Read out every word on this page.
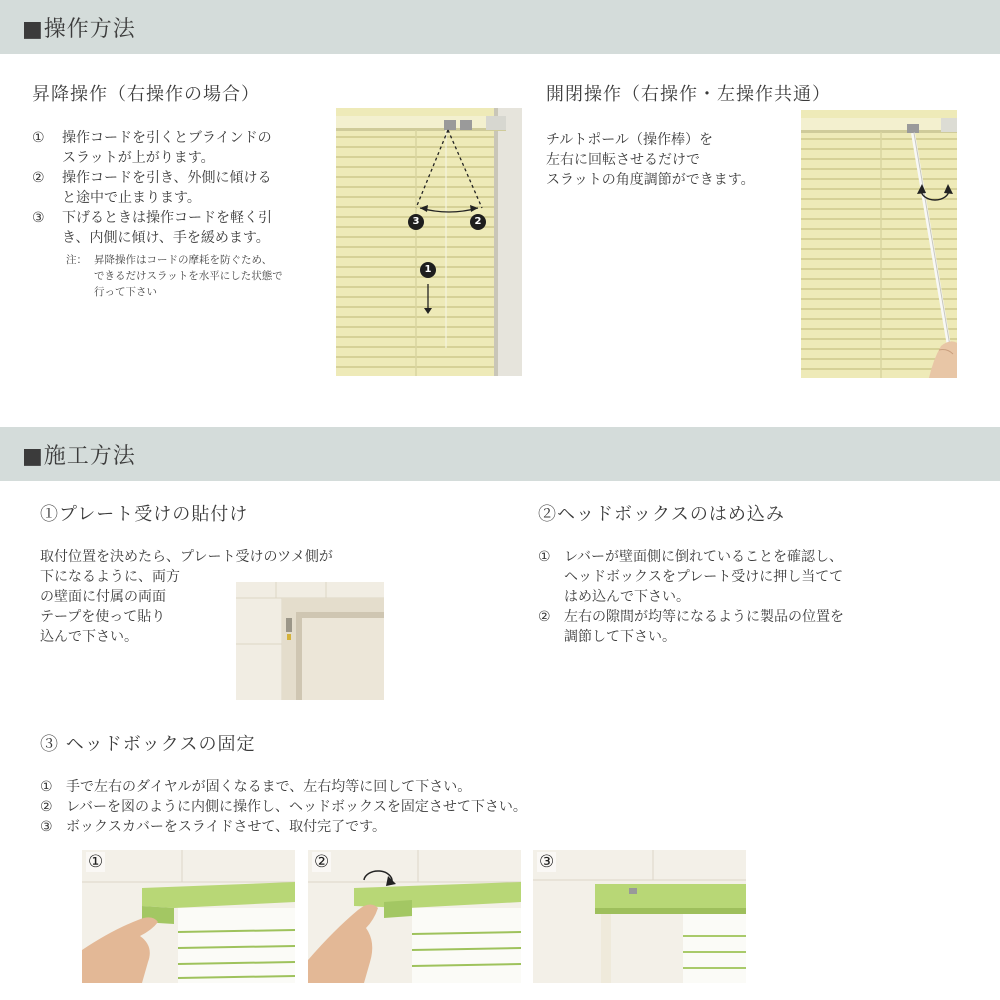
■操作方法
昇降操作（右操作の場合）
①	操作コードを引くとブラインドの
スラットが上がります。
②	操作コードを引き、外側に傾ける
と途中で止まります。
③	下げるときは操作コードを軽く引
き、内側に傾け、手を緩めます。
注： 昇降操作はコードの摩耗を防ぐため、
できるだけスラットを水平にした状態で
行って下さい
3	2
1
開閉操作（右操作・左操作共通）
チルトポール（操作棒）を
左右に回転させるだけで
スラットの角度調節ができます。
■施工方法
①プレート受けの貼付け
取付位置を決めたら、プレート受けのツメ側が
下になるように、両方
の壁面に付属の両面
テープを使って貼り
込んで下さい。
②ヘッドボックスのはめ込み
① レバーが壁面側に倒れていることを確認し、
ヘッドボックスをプレート受けに押し当てて
はめ込んで下さい。
② 左右の隙間が均等になるように製品の位置を
調節して下さい。
③ ヘッドボックスの固定
① 手で左右のダイヤルが固くなるまで、左右均等に回して下さい。
② レバーを図のように内側に操作し、ヘッドボックスを固定させて下さい。
③ ボックスカバーをスライドさせて、取付完了です。
①	②	③
